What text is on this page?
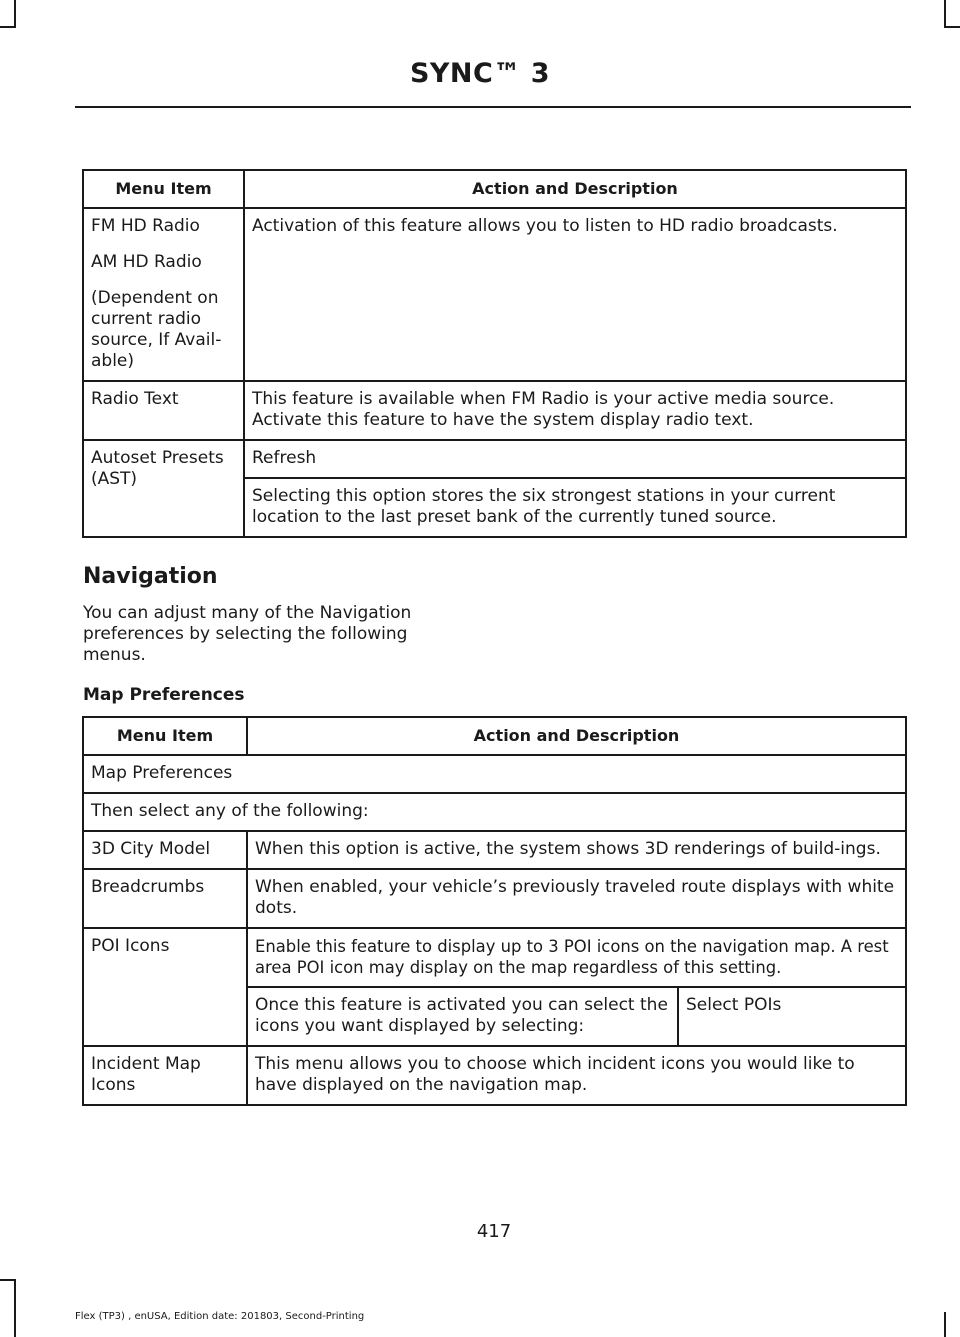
SYNC™ 3
Menu Item	Action and Description

FM HD Radio

AM HD Radio

(Dependent on current radio source, If Avail-able)	Activation of this feature allows you to listen to HD radio broadcasts.
Radio Text	This feature is available when FM Radio is your active media source. Activate this feature to have the system display radio text.
Autoset Presets (AST)	Refresh
	Selecting this option stores the six strongest stations in your current location to the last preset bank of the currently tuned source.
Navigation

You can adjust many of the Navigation preferences by selecting the following menus.

Map Preferences
Menu Item	Action and Description	
Map Preferences		
Then select any of the following:		
3D City Model	When this option is active, the system shows 3D renderings of build-ings.	
Breadcrumbs	When enabled, your vehicle’s previously traveled route displays with white dots.	
POI Icons	Enable this feature to display up to 3 POI icons on the navigation map. A rest area POI icon may display on the map regardless of this setting.	
	Once this feature is activated you can select the icons you want displayed by selecting:	Select POIs
Incident Map Icons	This menu allows you to choose which incident icons you would like to have displayed on the navigation map.	
417
Flex (TP3) , enUSA, Edition date: 201803, Second-Printing
